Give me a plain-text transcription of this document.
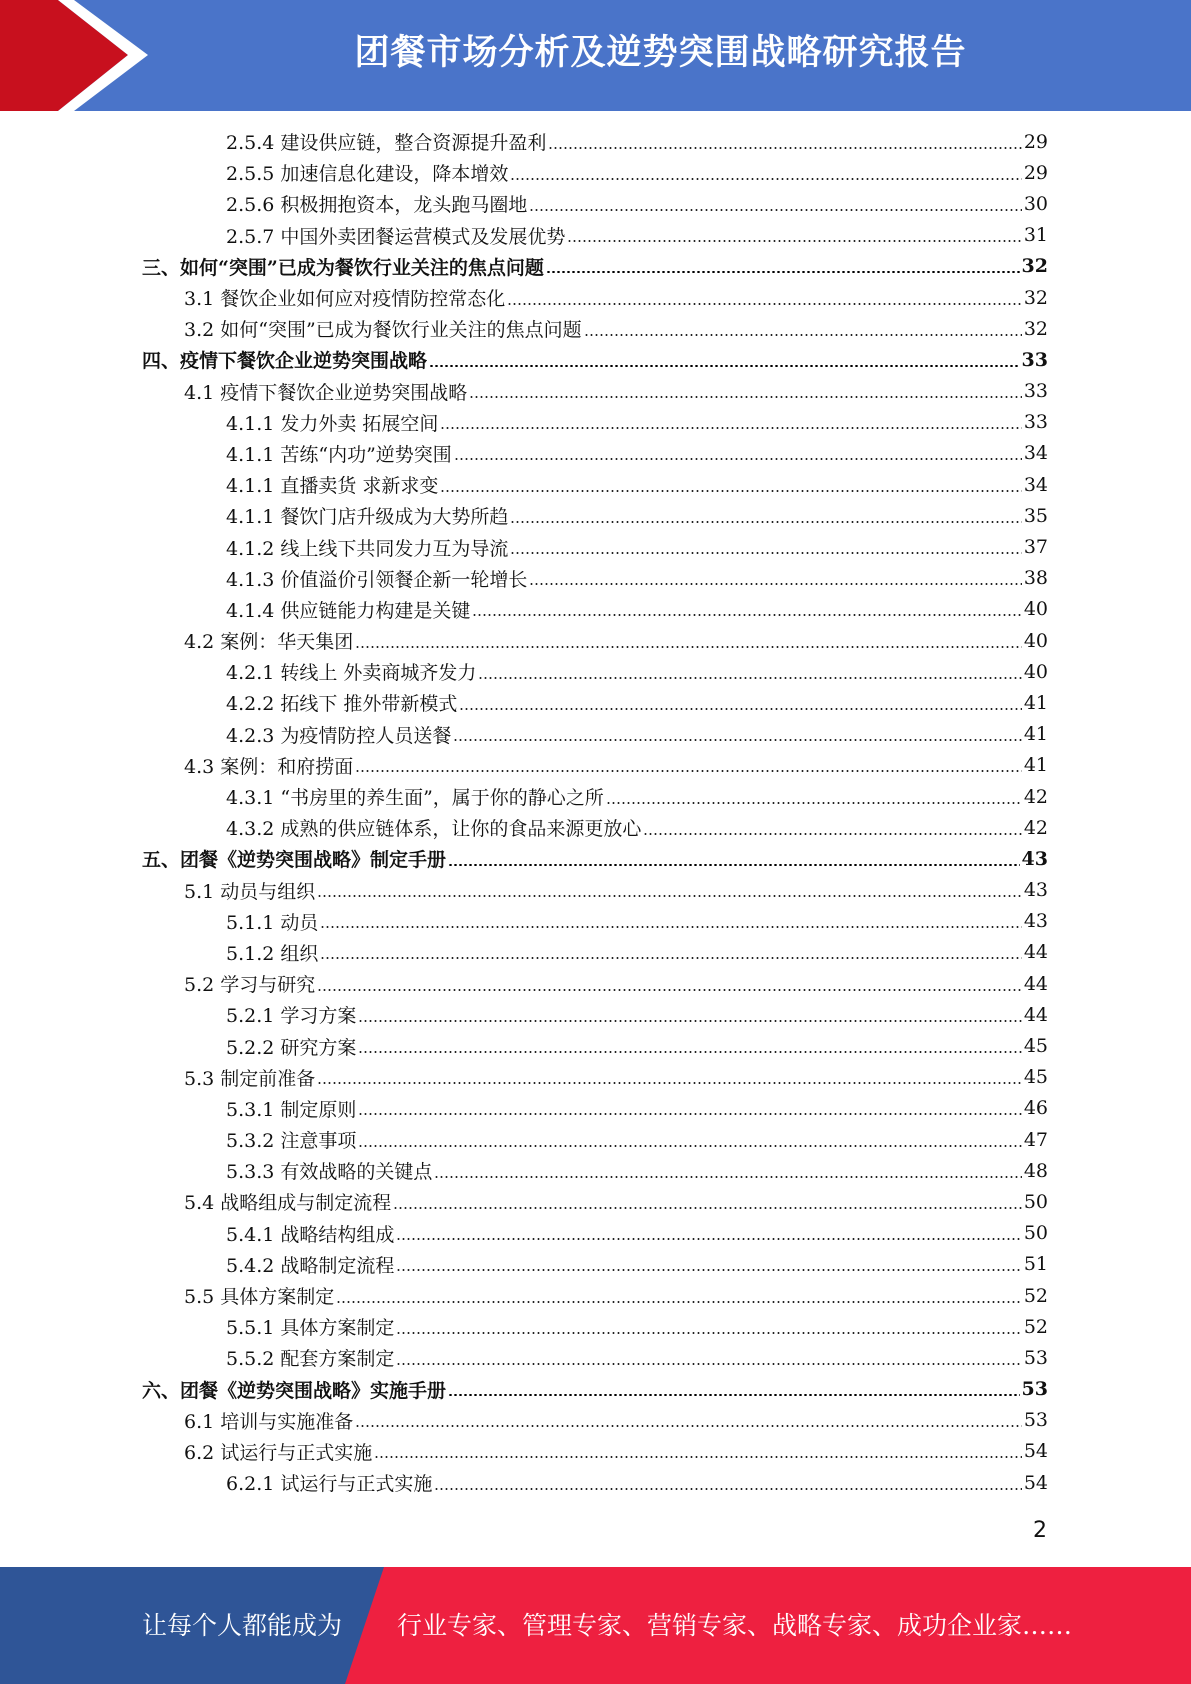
团餐市场分析及逆势突围战略研究报告
2.5.4 建设供应链，整合资源提升盈利	29
2.5.5 加速信息化建设，降本增效	29
2.5.6 积极拥抱资本，龙头跑马圈地	30
2.5.7 中国外卖团餐运营模式及发展优势	31
三、如何“突围”已成为餐饮行业关注的焦点问题	32
3.1 餐饮企业如何应对疫情防控常态化	32
3.2 如何“突围”已成为餐饮行业关注的焦点问题	32
四、疫情下餐饮企业逆势突围战略	33
4.1 疫情下餐饮企业逆势突围战略	33
4.1.1 发力外卖 拓展空间	33
4.1.1 苦练“内功”逆势突围	34
4.1.1 直播卖货 求新求变	34
4.1.1 餐饮门店升级成为大势所趋	35
4.1.2 线上线下共同发力互为导流	37
4.1.3 价值溢价引领餐企新一轮增长	38
4.1.4 供应链能力构建是关键	40
4.2 案例：华天集团	40
4.2.1 转线上 外卖商城齐发力	40
4.2.2 拓线下 推外带新模式	41
4.2.3 为疫情防控人员送餐	41
4.3 案例：和府捞面	41
4.3.1 “书房里的养生面”，属于你的静心之所	42
4.3.2 成熟的供应链体系，让你的食品来源更放心	42
五、团餐《逆势突围战略》制定手册	43
5.1 动员与组织	43
5.1.1 动员	43
5.1.2 组织	44
5.2 学习与研究	44
5.2.1 学习方案	44
5.2.2 研究方案	45
5.3 制定前准备	45
5.3.1 制定原则	46
5.3.2 注意事项	47
5.3.3 有效战略的关键点	48
5.4 战略组成与制定流程	50
5.4.1 战略结构组成	50
5.4.2 战略制定流程	51
5.5 具体方案制定	52
5.5.1 具体方案制定	52
5.5.2 配套方案制定	53
六、团餐《逆势突围战略》实施手册	53
6.1 培训与实施准备	53
6.2 试运行与正式实施	54
6.2.1 试运行与正式实施	54
2
让每个人都能成为 行业专家、管理专家、营销专家、战略专家、成功企业家……
